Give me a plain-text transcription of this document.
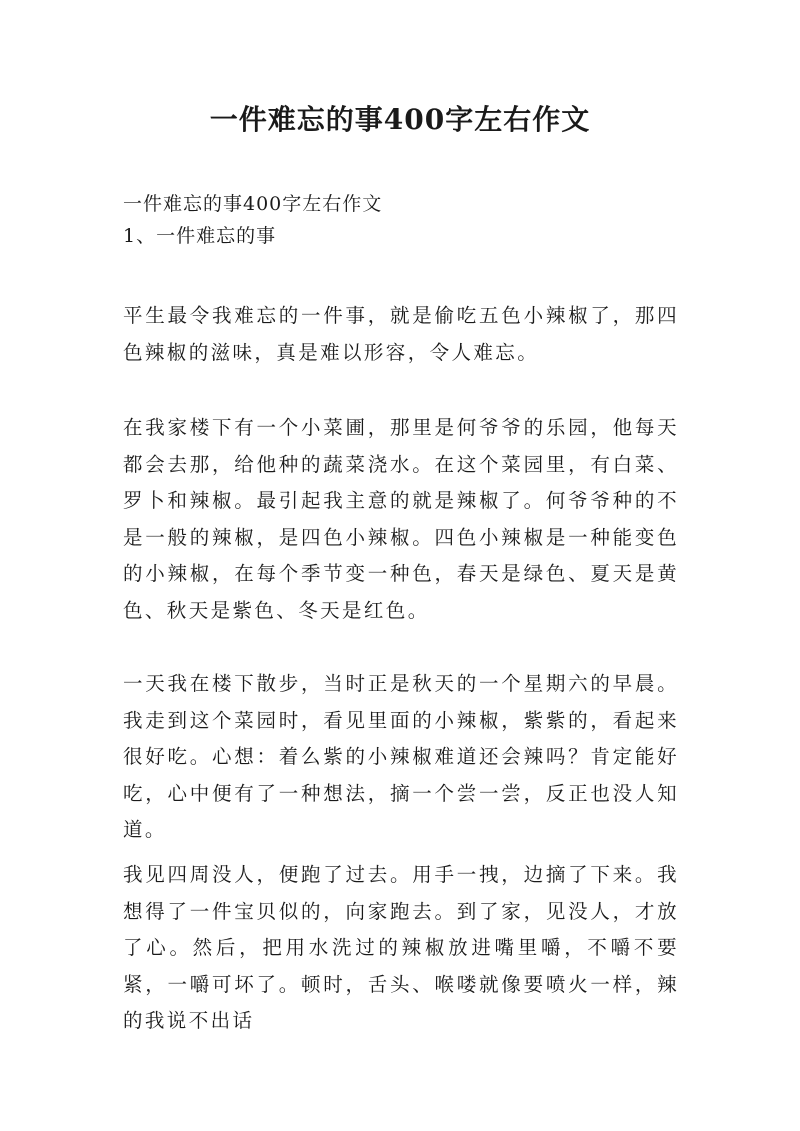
一件难忘的事400字左右作文
一件难忘的事400字左右作文
1、一件难忘的事

平生最令我难忘的一件事，就是偷吃五色小辣椒了，那四色辣椒的滋味，真是难以形容，令人难忘。

在我家楼下有一个小菜圃，那里是何爷爷的乐园，他每天都会去那，给他种的蔬菜浇水。在这个菜园里，有白菜、罗卜和辣椒。最引起我主意的就是辣椒了。何爷爷种的不是一般的辣椒，是四色小辣椒。四色小辣椒是一种能变色的小辣椒，在每个季节变一种色，春天是绿色、夏天是黄色、秋天是紫色、冬天是红色。

一天我在楼下散步，当时正是秋天的一个星期六的早晨。我走到这个菜园时，看见里面的小辣椒，紫紫的，看起来很好吃。心想：着么紫的小辣椒难道还会辣吗？肯定能好吃，心中便有了一种想法，摘一个尝一尝，反正也没人知道。

我见四周没人，便跑了过去。用手一拽，边摘了下来。我想得了一件宝贝似的，向家跑去。到了家，见没人，才放了心。然后，把用水洗过的辣椒放进嘴里嚼，不嚼不要紧，一嚼可坏了。顿时，舌头、喉喽就像要喷火一样，辣的我说不出话
